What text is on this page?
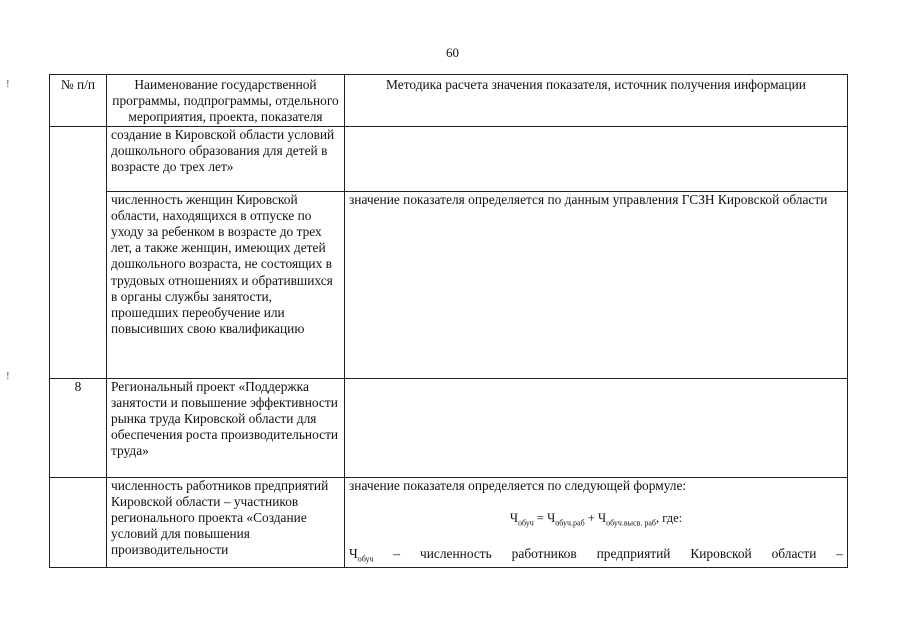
60
!
!
№ п/п	Наименование государственной программы, подпрограммы, отдельного мероприятия, проекта, показателя	Методика расчета значения показателя, источник получения информации
	создание в Кировской области условий дошкольного образования для детей в возрасте до трех лет»	
	численность женщин Кировской области, находящихся в отпуске по уходу за ребенком в возрасте до трех лет, а также женщин, имеющих детей дошкольного возраста, не состоящих в трудовых отношениях и обратившихся в органы службы занятости, прошедших переобучение или повысивших свою квалификацию	значение показателя определяется по данным управления ГСЗН Кировской области
8	Региональный проект «Поддержка занятости и повышение эффективности рынка труда Кировской области для обеспечения роста производительности труда»	
	численность работников предприятий Кировской области – участников регионального проекта «Создание условий для повышения производительности	значение показателя определяется по следующей формуле:
$Ч_{обуч} = Ч_{обуч.раб} + Ч_{обуч.высв. раб}$, где:
$Ч_{обуч}$ – численность работников предприятий Кировской области –
